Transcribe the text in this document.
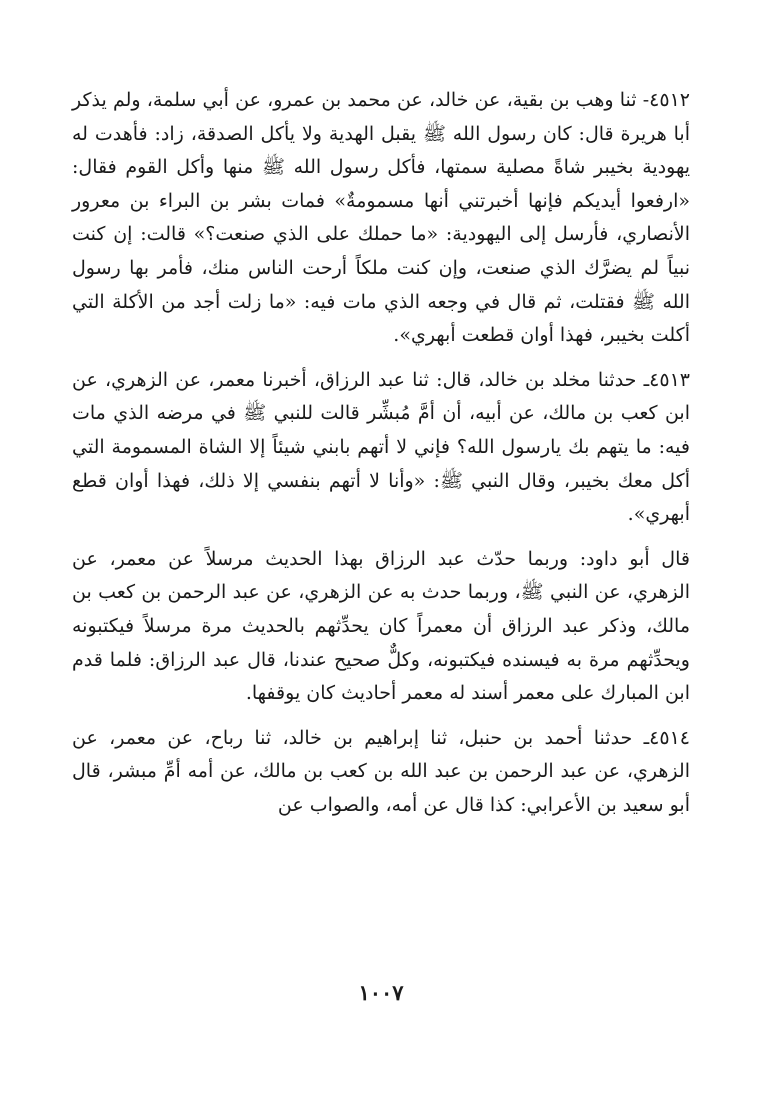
٤٥١٢- ثنا وهب بن بقية، عن خالد، عن محمد بن عمرو، عن أبي سلمة، ولم يذكر أبا هريرة قال: كان رسول الله ﷺ يقبل الهدية ولا يأكل الصدقة، زاد: فأهدت له يهودية بخيبر شاةً مصلية سمتها، فأكل رسول الله ﷺ منها وأكل القوم فقال: «ارفعوا أيديكم فإنها أخبرتني أنها مسمومةٌ» فمات بشر بن البراء بن معرور الأنصاري، فأرسل إلى اليهودية: «ما حملك على الذي صنعت؟» قالت: إن كنت نبياً لم يضرَّك الذي صنعت، وإن كنت ملكاً أرحت الناس منك، فأمر بها رسول الله ﷺ فقتلت، ثم قال في وجعه الذي مات فيه: «ما زلت أجد من الأكلة التي أكلت بخيبر، فهذا أوان قطعت أبهري».

٤٥١٣ـ حدثنا مخلد بن خالد، قال: ثنا عبد الرزاق، أخبرنا معمر، عن الزهري، عن ابن كعب بن مالك، عن أبيه، أن أمَّ مُبشِّر قالت للنبي ﷺ في مرضه الذي مات فيه: ما يتهم بك يارسول الله؟ فإني لا أتهم بابني شيئاً إلا الشاة المسمومة التي أكل معك بخيبر، وقال النبي ﷺ: «وأنا لا أتهم بنفسي إلا ذلك، فهذا أوان قطع أبهري».

قال أبو داود: وربما حدّث عبد الرزاق بهذا الحديث مرسلاً عن معمر، عن الزهري، عن النبي ﷺ، وربما حدث به عن الزهري، عن عبد الرحمن بن كعب بن مالك، وذكر عبد الرزاق أن معمراً كان يحدِّثهم بالحديث مرة مرسلاً فيكتبونه ويحدِّثهم مرة به فيسنده فيكتبونه، وكلٌّ صحيح عندنا، قال عبد الرزاق: فلما قدم ابن المبارك على معمر أسند له معمر أحاديث كان يوقفها.

٤٥١٤ـ حدثنا أحمد بن حنبل، ثنا إبراهيم بن خالد، ثنا رباح، عن معمر، عن الزهري، عن عبد الرحمن بن عبد الله بن كعب بن مالك، عن أمه أمِّ مبشر، قال أبو سعيد بن الأعرابي: كذا قال عن أمه، والصواب عن

١٠٠٧
